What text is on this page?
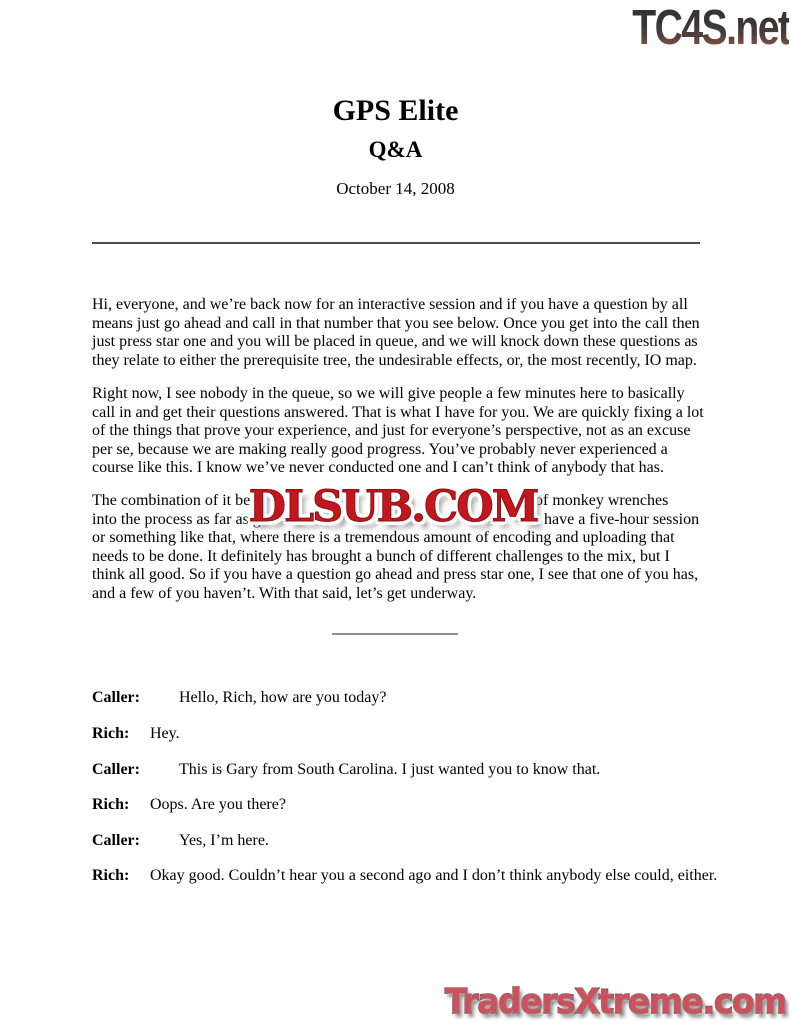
TC4S.net
GPS Elite
Q&A
October 14, 2008

Hi, everyone, and we’re back now for an interactive session and if you have a question by all means just go ahead and call in that number that you see below. Once you get into the call then just press star one and you will be placed in queue, and we will knock down these questions as they relate to either the prerequisite tree, the undesirable effects, or, the most recently, IO map.

Right now, I see nobody in the queue, so we will give people a few minutes here to basically call in and get their questions answered. That is what I have for you. We are quickly fixing a lot of the things that prove your experience, and just for everyone’s perspective, not as an excuse per se, because we are making really good progress. You’ve probably never experienced a course like this. I know we’ve never conducted one and I can’t think of anybody that has.

The combination of it bein	h of monkey wrenches
into the process as far as g	u have a five-hour session
or something like that, where there is a tremendous amount of encoding and uploading that needs to be done. It definitely has brought a bunch of different challenges to the mix, but I think all good. So if you have a question go ahead and press star one, I see that one of you has, and a few of you haven’t. With that said, let’s get underway.
DLSUB.COM
Caller: Hello, Rich, how are you today?
Rich: Hey.
Caller: This is Gary from South Carolina. I just wanted you to know that.
Rich: Oops. Are you there?
Caller: Yes, I’m here.
Rich: Okay good. Couldn’t hear you a second ago and I don’t think anybody else could, either.
TradersXtreme.com
